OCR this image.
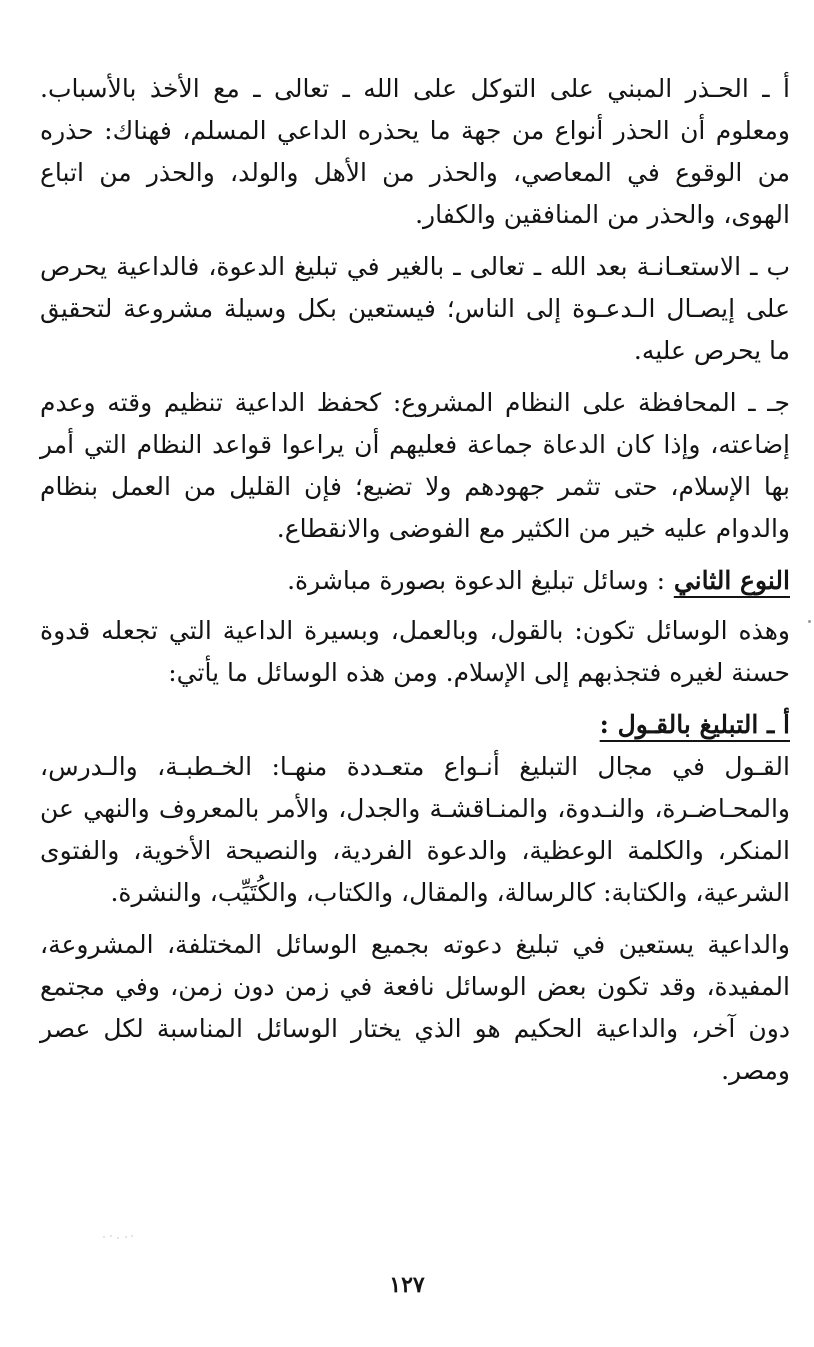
أ ـ الحـذر المبني على التوكل على الله ـ تعالى ـ مع الأخذ بالأسباب. ومعلوم أن الحذر أنواع من جهة ما يحذره الداعي المسلم، فهناك: حذره من الوقوع في المعاصي، والحذر من الأهل والولد، والحذر من اتباع الهوى، والحذر من المنافقين والكفار.

ب ـ الاستعـانـة بعد الله ـ تعالى ـ بالغير في تبليغ الدعوة، فالداعية يحرص على إيصـال الـدعـوة إلى الناس؛ فيستعين بكل وسيلة مشروعة لتحقيق ما يحرص عليه.

جـ ـ المحافظة على النظام المشروع: كحفظ الداعية تنظيم وقته وعدم إضاعته، وإذا كان الدعاة جماعة فعليهم أن يراعوا قواعد النظام التي أمر بها الإسلام، حتى تثمر جهودهم ولا تضيع؛ فإن القليل من العمل بنظام والدوام عليه خير من الكثير مع الفوضى والانقطاع.

النوع الثاني : وسائل تبليغ الدعوة بصورة مباشرة.

وهذه الوسائل تكون: بالقول، وبالعمل، وبسيرة الداعية التي تجعله قدوة حسنة لغيره فتجذبهم إلى الإسلام. ومن هذه الوسائل ما يأتي:

أ ـ التبليغ بالقـول :

القـول في مجال التبليغ أنـواع متعـددة منهـا: الخـطبـة، والـدرس، والمحـاضـرة، والنـدوة، والمنـاقشـة والجدل، والأمر بالمعروف والنهي عن المنكر، والكلمة الوعظية، والدعوة الفردية، والنصيحة الأخوية، والفتوى الشرعية، والكتابة: كالرسالة، والمقال، والكتاب، والكُتَيِّب، والنشرة.

والداعية يستعين في تبليغ دعوته بجميع الوسائل المختلفة، المشروعة، المفيدة، وقد تكون بعض الوسائل نافعة في زمن دون زمن، وفي مجتمع دون آخر، والداعية الحكيم هو الذي يختار الوسائل المناسبة لكل عصر ومصر.

١٢٧
